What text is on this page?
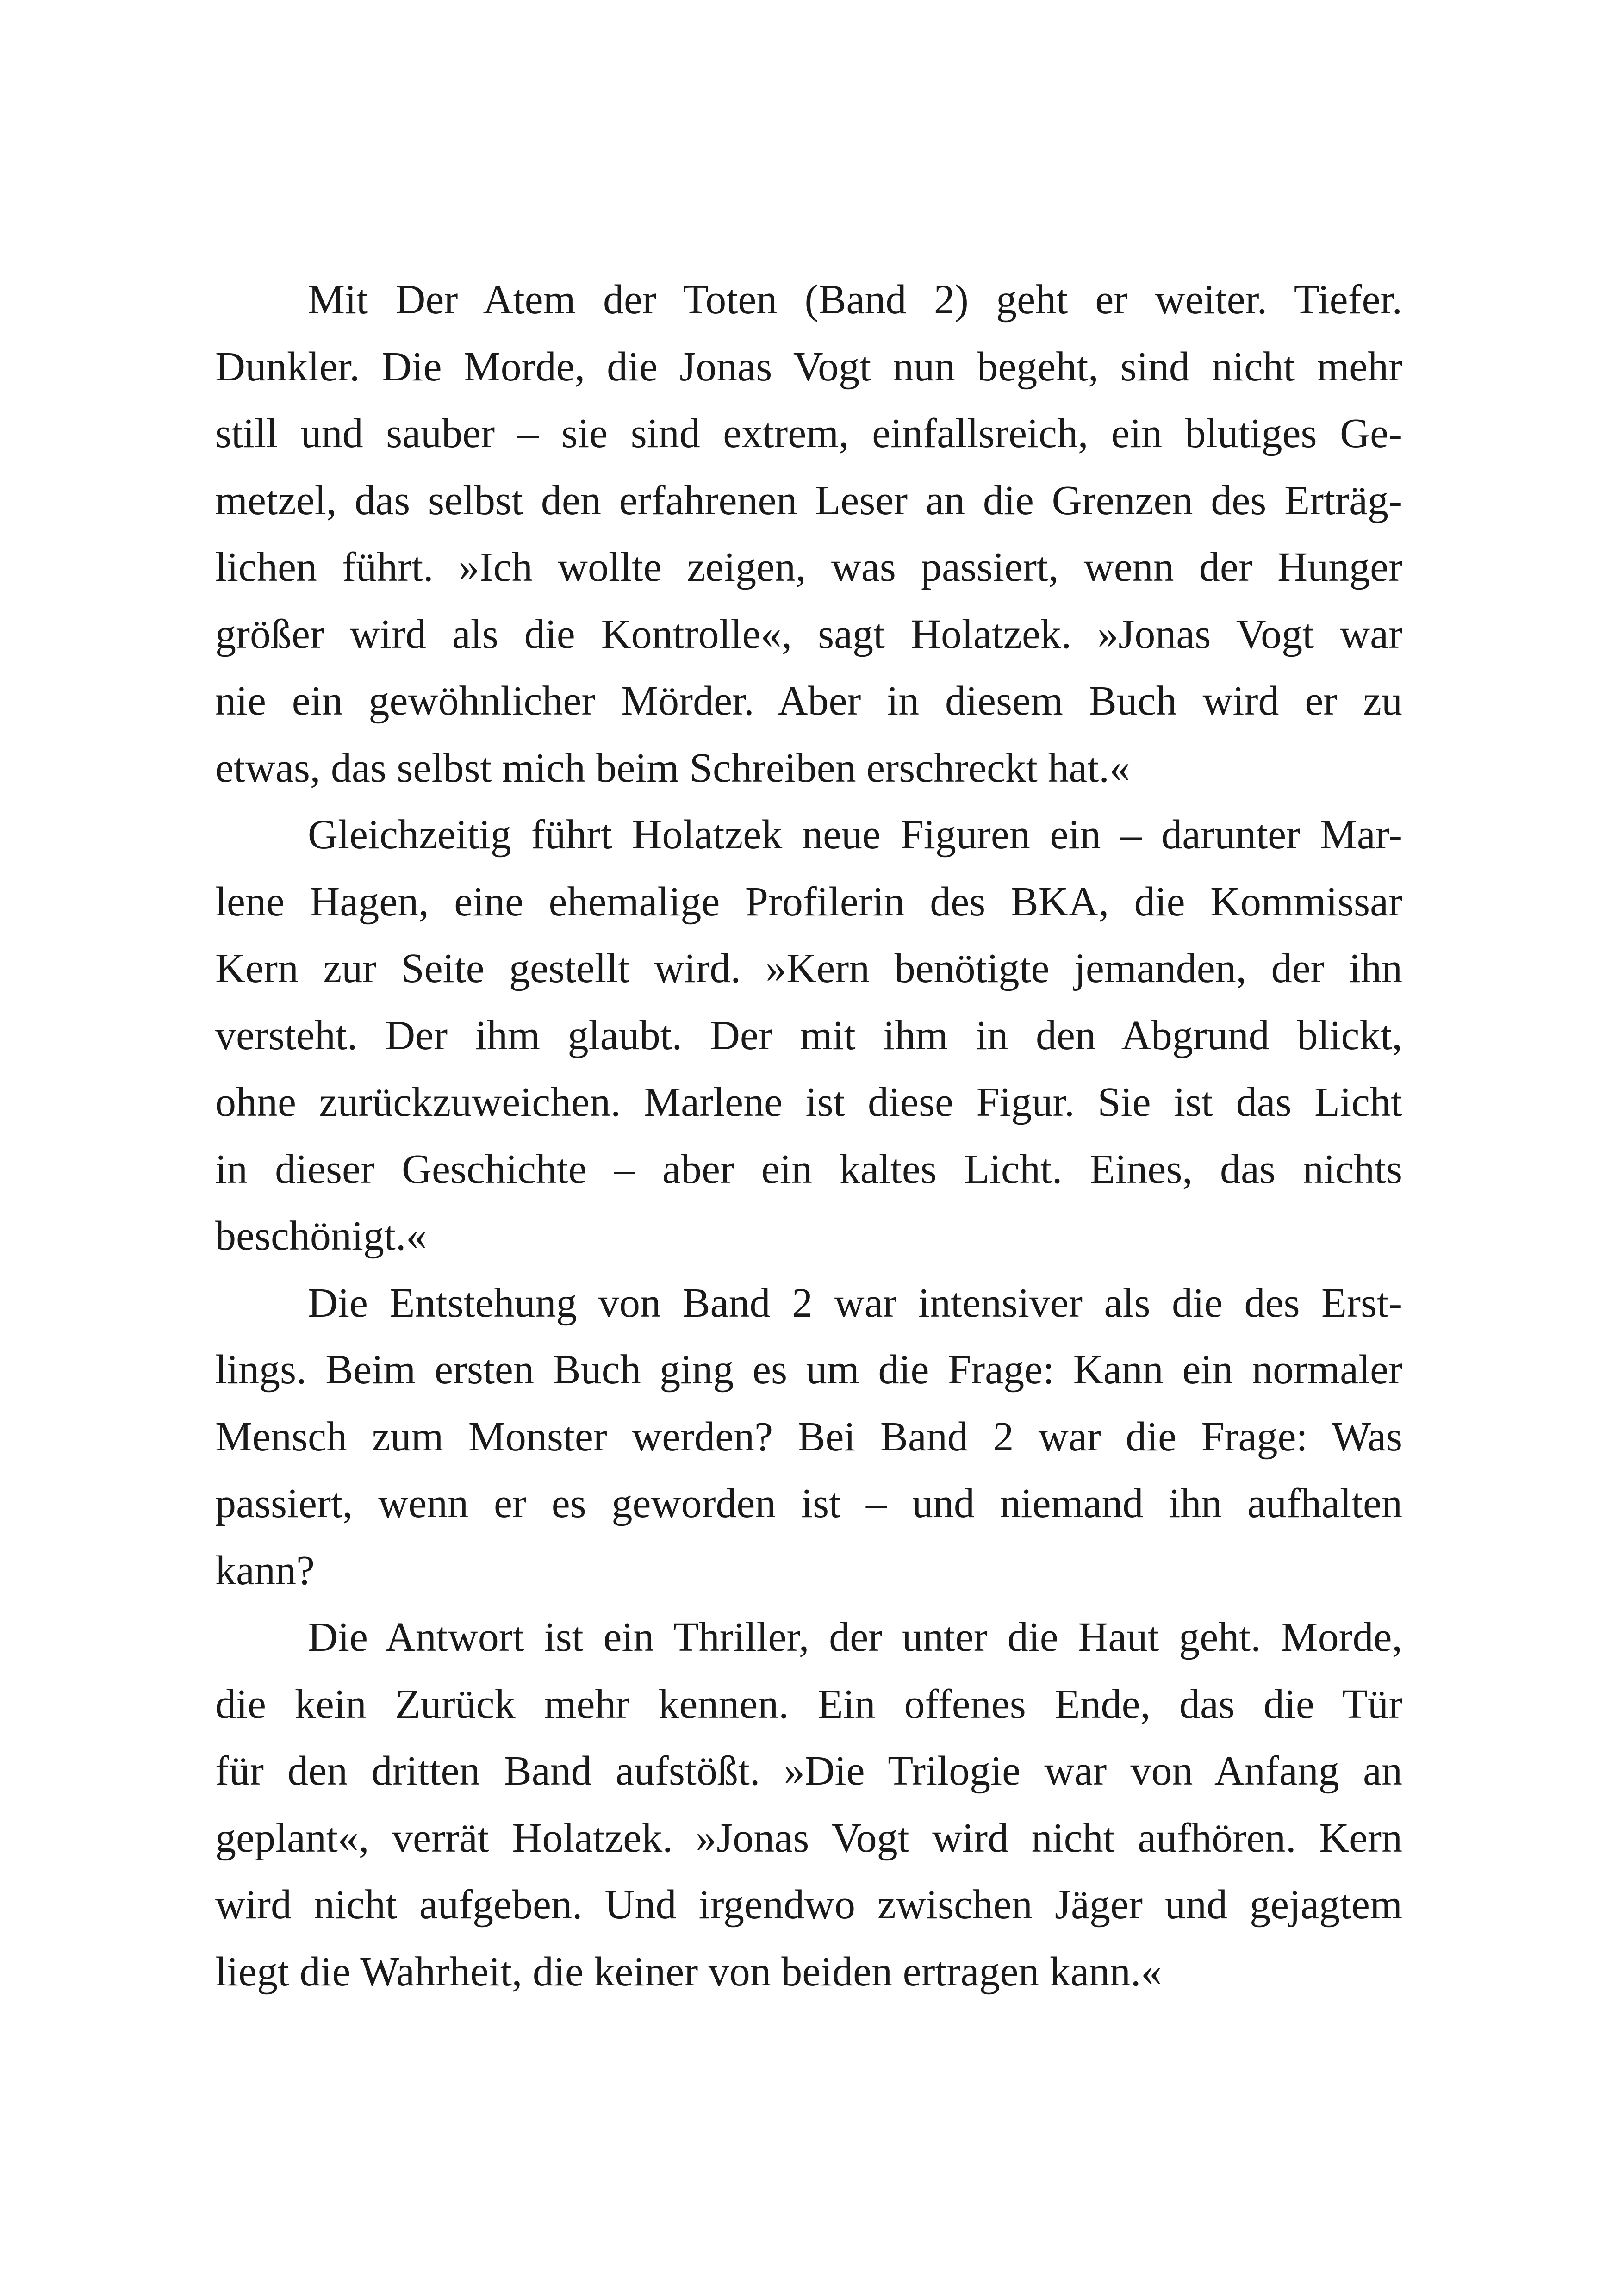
Mit Der Atem der Toten (Band 2) geht er weiter. Tiefer.
Dunkler. Die Morde, die Jonas Vogt nun begeht, sind nicht mehr
still und sauber – sie sind extrem, einfallsreich, ein blutiges Ge-
metzel, das selbst den erfahrenen Leser an die Grenzen des Erträg-
lichen führt. »Ich wollte zeigen, was passiert, wenn der Hunger
größer wird als die Kontrolle«, sagt Holatzek. »Jonas Vogt war
nie ein gewöhnlicher Mörder. Aber in diesem Buch wird er zu
etwas, das selbst mich beim Schreiben erschreckt hat.«
Gleichzeitig führt Holatzek neue Figuren ein – darunter Mar-
lene Hagen, eine ehemalige Profilerin des BKA, die Kommissar
Kern zur Seite gestellt wird. »Kern benötigte jemanden, der ihn
versteht. Der ihm glaubt. Der mit ihm in den Abgrund blickt,
ohne zurückzuweichen. Marlene ist diese Figur. Sie ist das Licht
in dieser Geschichte – aber ein kaltes Licht. Eines, das nichts
beschönigt.«
Die Entstehung von Band 2 war intensiver als die des Erst-
lings. Beim ersten Buch ging es um die Frage: Kann ein normaler
Mensch zum Monster werden? Bei Band 2 war die Frage: Was
passiert, wenn er es geworden ist – und niemand ihn aufhalten
kann?
Die Antwort ist ein Thriller, der unter die Haut geht. Morde,
die kein Zurück mehr kennen. Ein offenes Ende, das die Tür
für den dritten Band aufstößt. »Die Trilogie war von Anfang an
geplant«, verrät Holatzek. »Jonas Vogt wird nicht aufhören. Kern
wird nicht aufgeben. Und irgendwo zwischen Jäger und gejagtem
liegt die Wahrheit, die keiner von beiden ertragen kann.«
